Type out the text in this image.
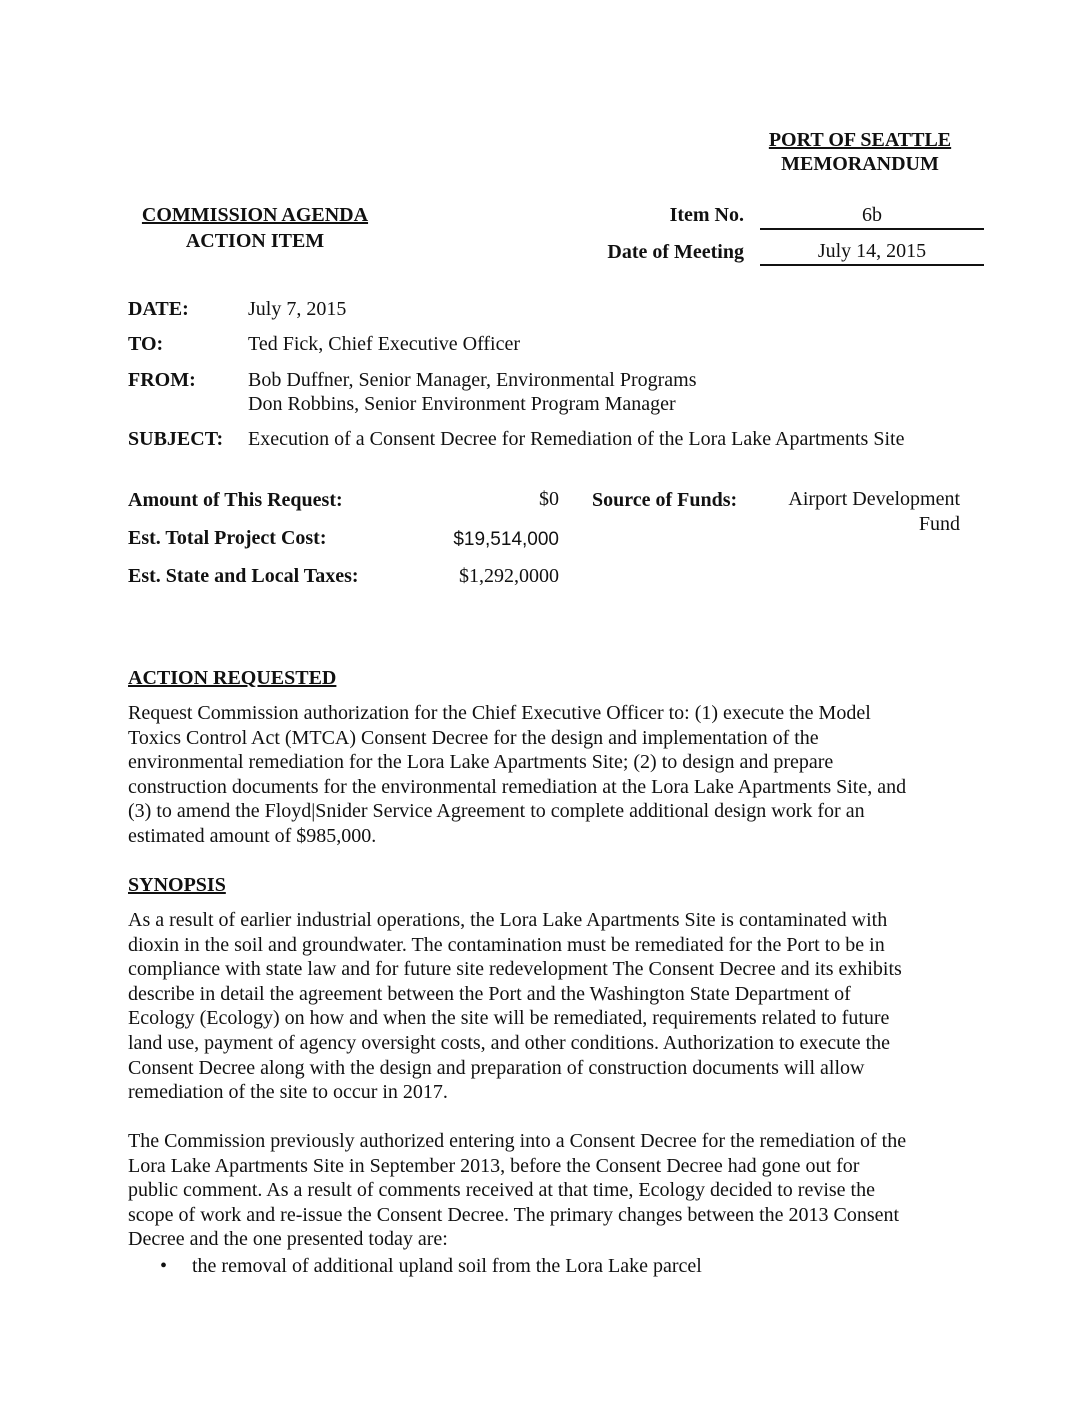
PORT OF SEATTLE
MEMORANDUM
COMMISSION AGENDA
ACTION ITEM
Item No.	6b
Date of Meeting	July 14, 2015
DATE:	July 7, 2015
TO:	Ted Fick, Chief Executive Officer
FROM:	Bob Duffner, Senior Manager, Environmental Programs
Don Robbins, Senior Environment Program Manager
SUBJECT: Execution of a Consent Decree for Remediation of the Lora Lake Apartments Site
Amount of This Request:	$0
Est. Total Project Cost:	$19,514,000
Est. State and Local Taxes:	$1,292,0000
Source of Funds:	Airport Development
Fund
ACTION REQUESTED
Request Commission authorization for the Chief Executive Officer to: (1) execute the Model
Toxics Control Act (MTCA) Consent Decree for the design and implementation of the
environmental remediation for the Lora Lake Apartments Site; (2) to design and prepare
construction documents for the environmental remediation at the Lora Lake Apartments Site, and
(3) to amend the Floyd|Snider Service Agreement to complete additional design work for an
estimated amount of $985,000.
SYNOPSIS
As a result of earlier industrial operations, the Lora Lake Apartments Site is contaminated with
dioxin in the soil and groundwater. The contamination must be remediated for the Port to be in
compliance with state law and for future site redevelopment The Consent Decree and its exhibits
describe in detail the agreement between the Port and the Washington State Department of
Ecology (Ecology) on how and when the site will be remediated, requirements related to future
land use, payment of agency oversight costs, and other conditions. Authorization to execute the
Consent Decree along with the design and preparation of construction documents will allow
remediation of the site to occur in 2017.
The Commission previously authorized entering into a Consent Decree for the remediation of the
Lora Lake Apartments Site in September 2013, before the Consent Decree had gone out for
public comment. As a result of comments received at that time, Ecology decided to revise the
scope of work and re-issue the Consent Decree. The primary changes between the 2013 Consent
Decree and the one presented today are:
• the removal of additional upland soil from the Lora Lake parcel
